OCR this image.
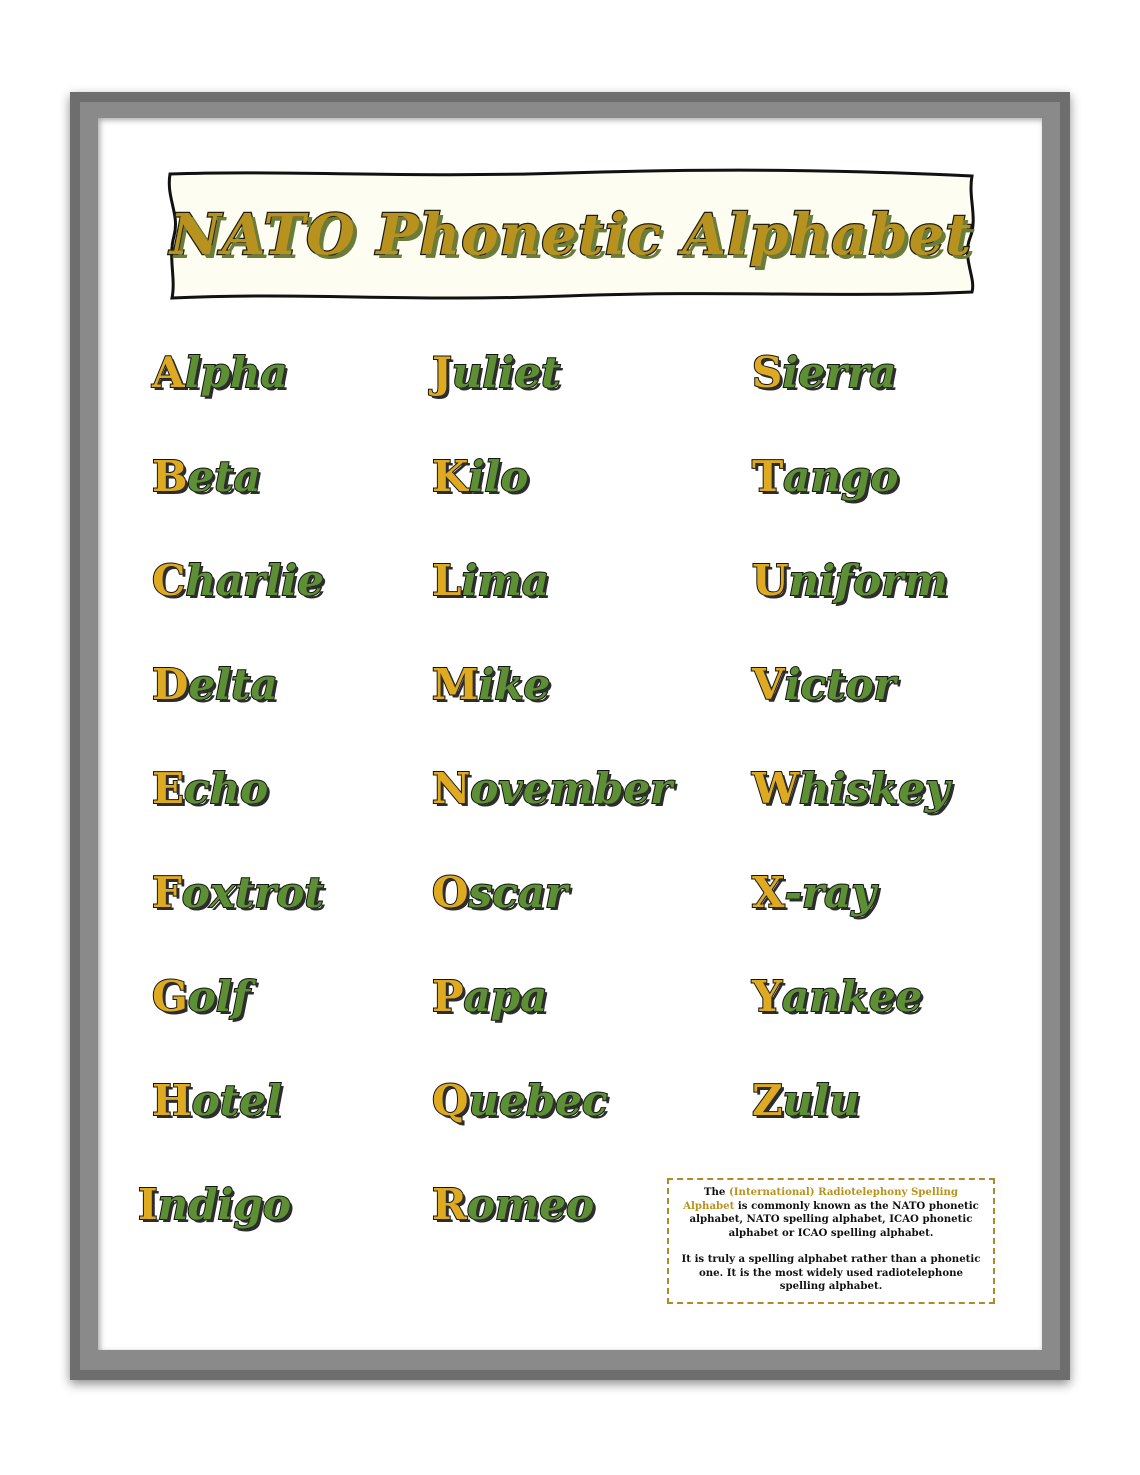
NATO Phonetic Alphabet
Alpha
Beta
Charlie
Delta
Echo
Foxtrot
Golf
Hotel
Indigo
Juliet
Kilo
Lima
Mike
November
Oscar
Papa
Quebec
Romeo
Sierra
Tango
Uniform
Victor
Whiskey
X-ray
Yankee
Zulu

The (International) Radiotelephony Spelling Alphabet is commonly known as the NATO phonetic alphabet, NATO spelling alphabet, ICAO phonetic alphabet or ICAO spelling alphabet.

It is truly a spelling alphabet rather than a phonetic one. It is the most widely used radiotelephone spelling alphabet.
